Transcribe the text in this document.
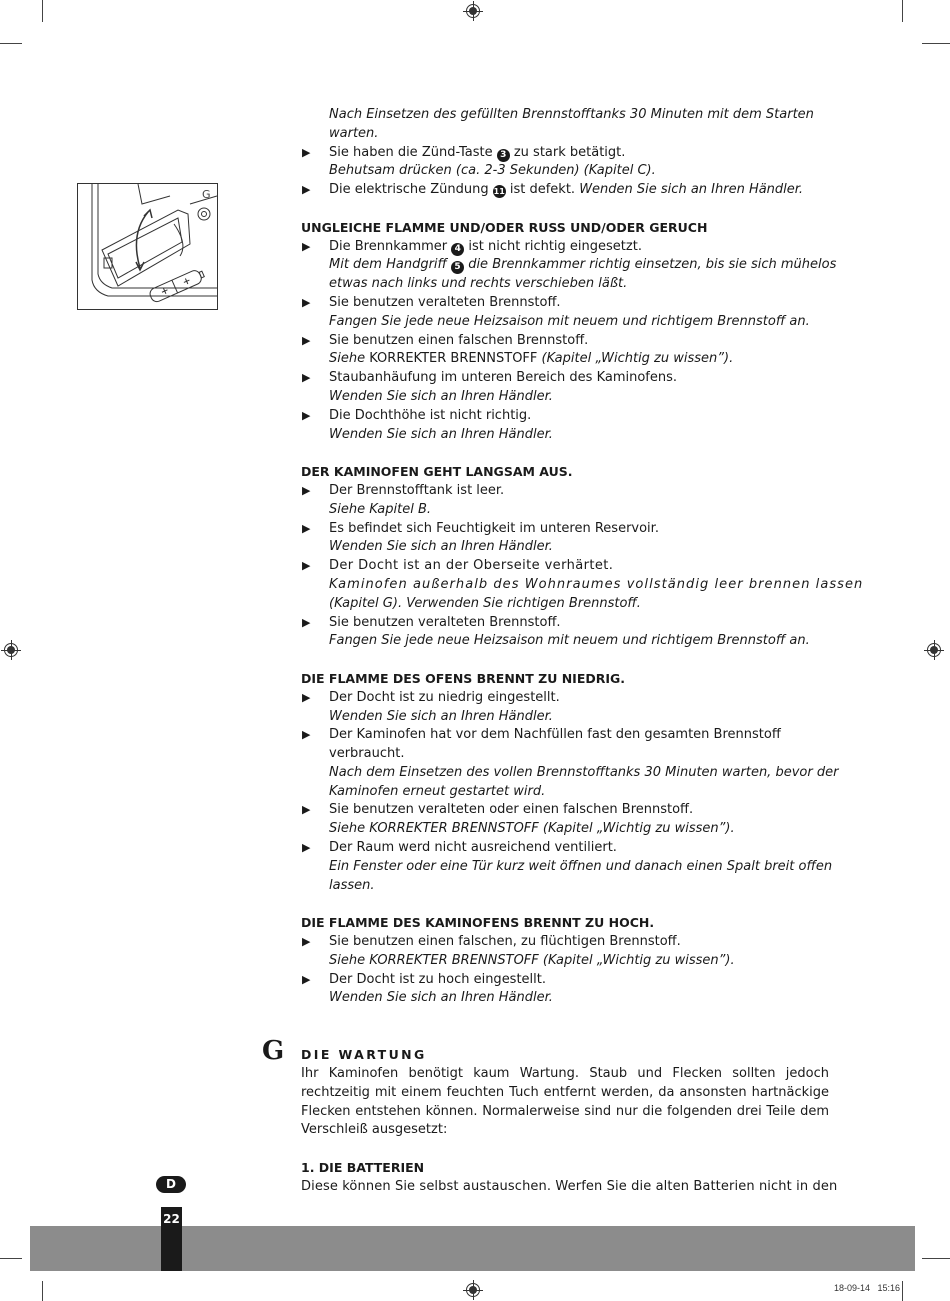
G
Nach Einsetzen des gefüllten Brennstofftanks 30 Minuten mit dem Starten
warten.
▶ Sie haben die Zünd-Taste 3 zu stark betätigt.
Behutsam drücken (ca. 2-3 Sekunden) (Kapitel C).
▶ Die elektrische Zündung 11 ist defekt. Wenden Sie sich an Ihren Händler.
UNGLEICHE FLAMME UND/ODER RUSS UND/ODER GERUCH
▶ Die Brennkammer 4 ist nicht richtig eingesetzt.
Mit dem Handgriff 5 die Brennkammer richtig einsetzen, bis sie sich mühelos
etwas nach links und rechts verschieben läßt.
▶ Sie benutzen veralteten Brennstoff.
Fangen Sie jede neue Heizsaison mit neuem und richtigem Brennstoff an.
▶ Sie benutzen einen falschen Brennstoff.
Siehe KORREKTER BRENNSTOFF (Kapitel „Wichtig zu wissen”).
▶ Staubanhäufung im unteren Bereich des Kaminofens.
Wenden Sie sich an Ihren Händler.
▶ Die Dochthöhe ist nicht richtig.
Wenden Sie sich an Ihren Händler.
DER KAMINOFEN GEHT LANGSAM AUS.
▶ Der Brennstofftank ist leer.
Siehe Kapitel B.
▶ Es befindet sich Feuchtigkeit im unteren Reservoir.
Wenden Sie sich an Ihren Händler.
▶ Der Docht ist an der Oberseite verhärtet.
Kaminofen außerhalb des Wohnraumes vollständig leer brennen lassen
(Kapitel G). Verwenden Sie richtigen Brennstoff.
▶ Sie benutzen veralteten Brennstoff.
Fangen Sie jede neue Heizsaison mit neuem und richtigem Brennstoff an.
DIE FLAMME DES OFENS BRENNT ZU NIEDRIG.
▶ Der Docht ist zu niedrig eingestellt.
Wenden Sie sich an Ihren Händler.
▶ Der Kaminofen hat vor dem Nachfüllen fast den gesamten Brennstoff
verbraucht.
Nach dem Einsetzen des vollen Brennstofftanks 30 Minuten warten, bevor der
Kaminofen erneut gestartet wird.
▶ Sie benutzen veralteten oder einen falschen Brennstoff.
Siehe KORREKTER BRENNSTOFF (Kapitel „Wichtig zu wissen”).
▶ Der Raum werd nicht ausreichend ventiliert.
Ein Fenster oder eine Tür kurz weit öffnen und danach einen Spalt breit offen
lassen.
DIE FLAMME DES KAMINOFENS BRENNT ZU HOCH.
▶ Sie benutzen einen falschen, zu flüchtigen Brennstoff.
Siehe KORREKTER BRENNSTOFF (Kapitel „Wichtig zu wissen”).
▶ Der Docht ist zu hoch eingestellt.
Wenden Sie sich an Ihren Händler.
G DIE WARTUNG
Ihr Kaminofen benötigt kaum Wartung. Staub und Flecken sollten jedoch rechtzeitig mit einem feuchten Tuch entfernt werden, da ansonsten hartnäckige Flecken entstehen können. Normalerweise sind nur die folgenden drei Teile dem Verschleiß ausgesetzt:
1. DIE BATTERIEN
Diese können Sie selbst austauschen. Werfen Sie die alten Batterien nicht in den
D
22
18-09-14   15:16
